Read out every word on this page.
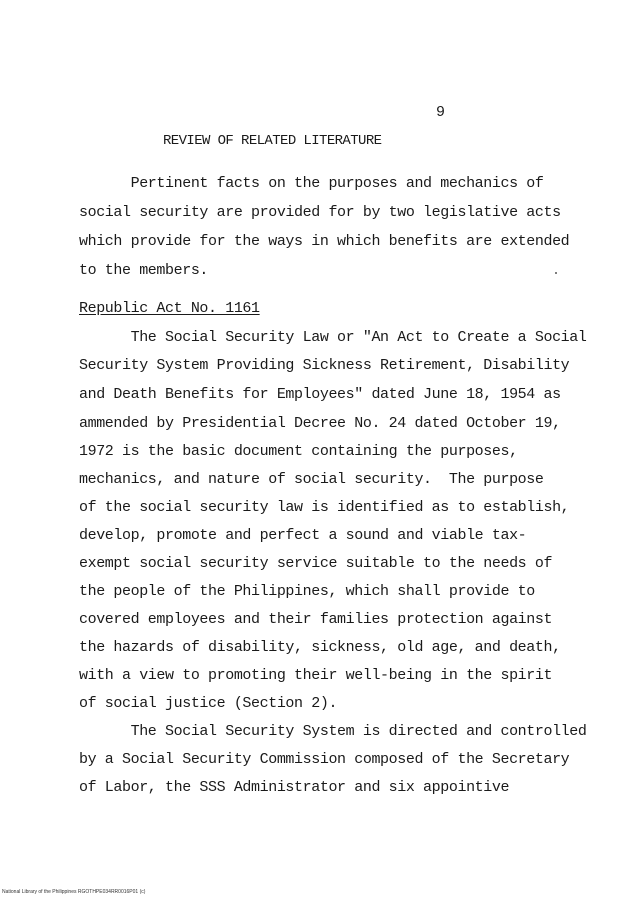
9
REVIEW OF RELATED LITERATURE
Pertinent facts on the purposes and mechanics of
social security are provided for by two legislative acts
which provide for the ways in which benefits are extended
to the members.
Republic Act No. 1161
The Social Security Law or "An Act to Create a Social
Security System Providing Sickness Retirement, Disability
and Death Benefits for Employees" dated June 18, 1954 as
ammended by Presidential Decree No. 24 dated October 19,
1972 is the basic document containing the purposes,
mechanics, and nature of social security.  The purpose
of the social security law is identified as to establish,
develop, promote and perfect a sound and viable tax-
exempt social security service suitable to the needs of
the people of the Philippines, which shall provide to
covered employees and their families protection against
the hazards of disability, sickness, old age, and death,
with a view to promoting their well-being in the spirit
of social justice (Section 2).
The Social Security System is directed and controlled
by a Social Security Commission composed of the Secretary
of Labor, the SSS Administrator and six appointive
National Library of the Philippines RGOTHPE034RR0016P01 (c)
